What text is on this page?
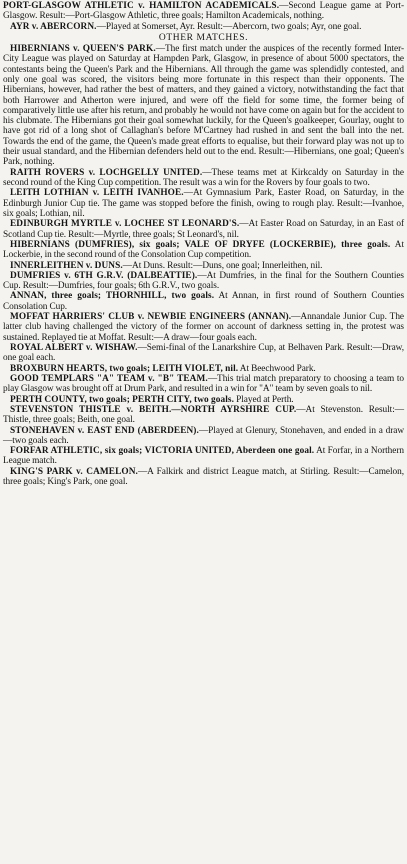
PORT-GLASGOW ATHLETIC v. HAMILTON ACADEMICALS.—Second League game at Port-Glasgow. Result:—Port-Glasgow Athletic, three goals; Hamilton Academicals, nothing.

AYR v. ABERCORN.—Played at Somerset, Ayr. Result:—Abercorn, two goals; Ayr, one goal.

OTHER MATCHES.

HIBERNIANS v. QUEEN'S PARK.—The first match under the auspices of the recently formed Inter-City League was played on Saturday at Hampden Park, Glasgow, in presence of about 5000 spectators, the contestants being the Queen's Park and the Hibernians. All through the game was splendidly contested, and only one goal was scored, the visitors being more fortunate in this respect than their opponents. The Hibernians, however, had rather the best of matters, and they gained a victory, notwithstanding the fact that both Harrower and Atherton were injured, and were off the field for some time, the former being of comparatively little use after his return, and probably he would not have come on again but for the accident to his clubmate. The Hibernians got their goal somewhat luckily, for the Queen's goalkeeper, Gourlay, ought to have got rid of a long shot of Callaghan's before M'Cartney had rushed in and sent the ball into the net. Towards the end of the game, the Queen's made great efforts to equalise, but their forward play was not up to their usual standard, and the Hibernian defenders held out to the end. Result:—Hibernians, one goal; Queen's Park, nothing.

RAITH ROVERS v. LOCHGELLY UNITED.—These teams met at Kirkcaldy on Saturday in the second round of the King Cup competition. The result was a win for the Rovers by four goals to two.

LEITH LOTHIAN v. LEITH IVANHOE.—At Gymnasium Park, Easter Road, on Saturday, in the Edinburgh Junior Cup tie. The game was stopped before the finish, owing to rough play. Result:—Ivanhoe, six goals; Lothian, nil.

EDINBURGH MYRTLE v. LOCHEE ST LEONARD'S.—At Easter Road on Saturday, in an East of Scotland Cup tie. Result:—Myrtle, three goals; St Leonard's, nil.

HIBERNIANS (DUMFRIES), six goals; VALE OF DRYFE (LOCKERBIE), three goals. At Lockerbie, in the second round of the Consolation Cup competition.

INNERLEITHEN v. DUNS.—At Duns. Result:—Duns, one goal; Innerleithen, nil.

DUMFRIES v. 6TH G.R.V. (DALBEATTIE).—At Dumfries, in the final for the Southern Counties Cup. Result:—Dumfries, four goals; 6th G.R.V., two goals.

ANNAN, three goals; THORNHILL, two goals. At Annan, in first round of Southern Counties Consolation Cup.

MOFFAT HARRIERS' CLUB v. NEWBIE ENGINEERS (ANNAN).—Annandale Junior Cup. The latter club having challenged the victory of the former on account of darkness setting in, the protest was sustained. Replayed tie at Moffat. Result:—A draw—four goals each.

ROYAL ALBERT v. WISHAW.—Semi-final of the Lanarkshire Cup, at Belhaven Park. Result:—Draw, one goal each.

BROXBURN HEARTS, two goals; LEITH VIOLET, nil. At Beechwood Park.

GOOD TEMPLARS "A" TEAM v. "B" TEAM.—This trial match preparatory to choosing a team to play Glasgow was brought off at Drum Park, and resulted in a win for "A" team by seven goals to nil.

PERTH COUNTY, two goals; PERTH CITY, two goals. Played at Perth.

STEVENSTON THISTLE v. BEITH.—NORTH AYRSHIRE CUP.—At Stevenston. Result:—Thistle, three goals; Beith, one goal.

STONEHAVEN v. EAST END (ABERDEEN).—Played at Glenury, Stonehaven, and ended in a draw—two goals each.

FORFAR ATHLETIC, six goals; VICTORIA UNITED, Aberdeen one goal. At Forfar, in a Northern League match.

KING'S PARK v. CAMELON.—A Falkirk and district League match, at Stirling. Result:—Camelon, three goals; King's Park, one goal.
